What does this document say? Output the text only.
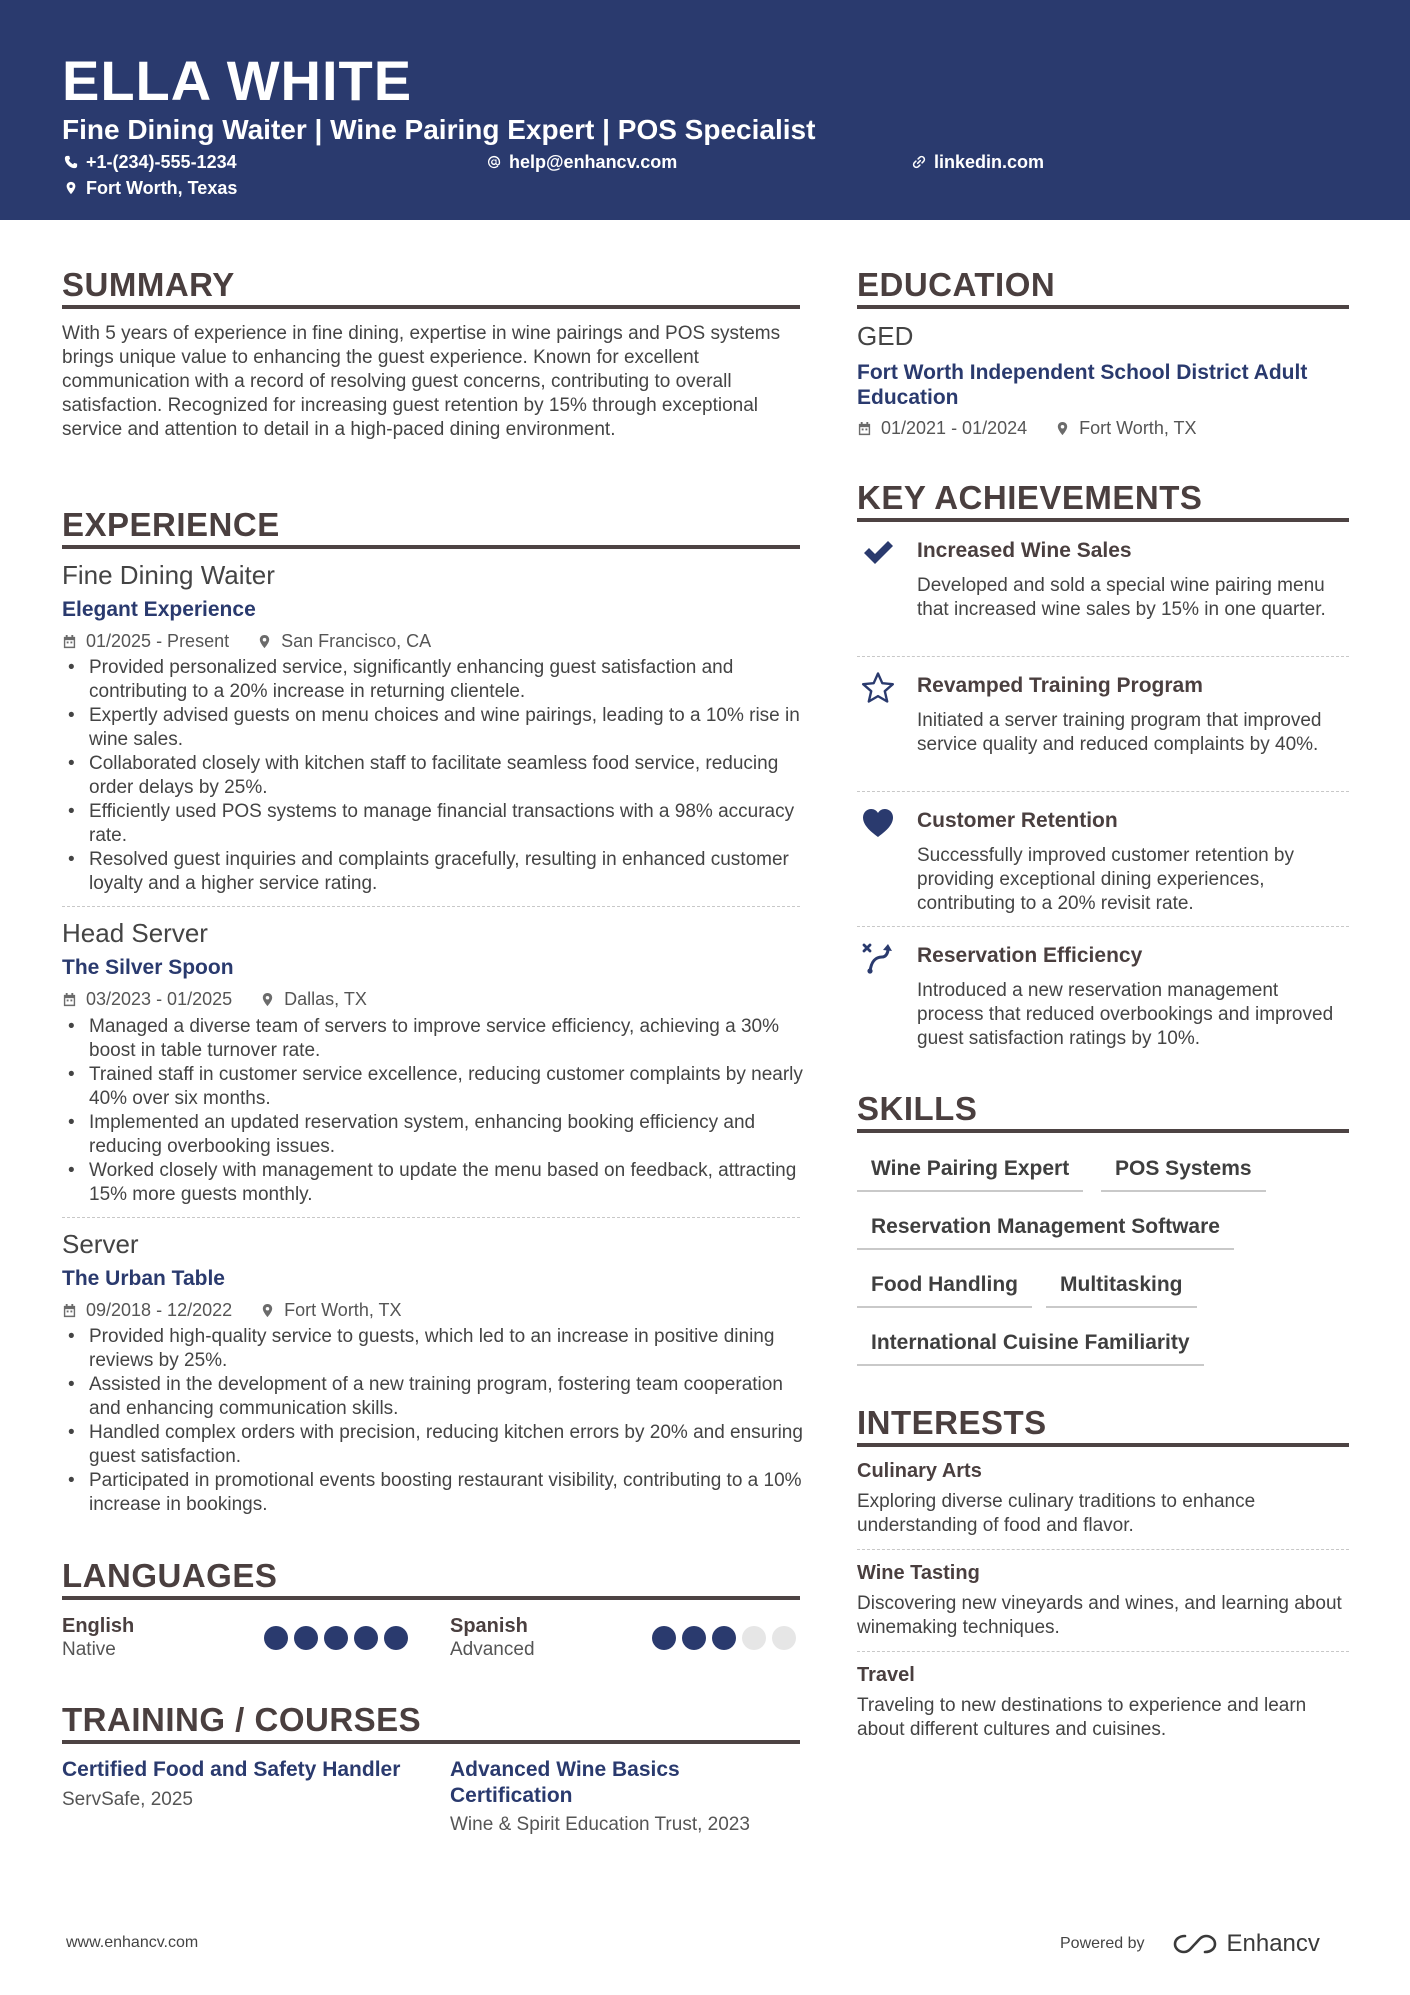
ELLA WHITE
Fine Dining Waiter | Wine Pairing Expert | POS Specialist
+1-(234)-555-1234	help@enhancv.com	linkedin.com
Fort Worth, Texas
SUMMARY
With 5 years of experience in fine dining, expertise in wine pairings and POS systems brings unique value to enhancing the guest experience. Known for excellent communication with a record of resolving guest concerns, contributing to overall satisfaction. Recognized for increasing guest retention by 15% through exceptional service and attention to detail in a high-paced dining environment.
EXPERIENCE
Fine Dining Waiter
Elegant Experience
01/2025 - Present	San Francisco, CA
• Provided personalized service, significantly enhancing guest satisfaction and contributing to a 20% increase in returning clientele.
• Expertly advised guests on menu choices and wine pairings, leading to a 10% rise in wine sales.
• Collaborated closely with kitchen staff to facilitate seamless food service, reducing order delays by 25%.
• Efficiently used POS systems to manage financial transactions with a 98% accuracy rate.
• Resolved guest inquiries and complaints gracefully, resulting in enhanced customer loyalty and a higher service rating.
Head Server
The Silver Spoon
03/2023 - 01/2025	Dallas, TX
• Managed a diverse team of servers to improve service efficiency, achieving a 30% boost in table turnover rate.
• Trained staff in customer service excellence, reducing customer complaints by nearly 40% over six months.
• Implemented an updated reservation system, enhancing booking efficiency and reducing overbooking issues.
• Worked closely with management to update the menu based on feedback, attracting 15% more guests monthly.
Server
The Urban Table
09/2018 - 12/2022	Fort Worth, TX
• Provided high-quality service to guests, which led to an increase in positive dining reviews by 25%.
• Assisted in the development of a new training program, fostering team cooperation and enhancing communication skills.
• Handled complex orders with precision, reducing kitchen errors by 20% and ensuring guest satisfaction.
• Participated in promotional events boosting restaurant visibility, contributing to a 10% increase in bookings.
LANGUAGES
English
Native
Spanish
Advanced
TRAINING / COURSES
Certified Food and Safety Handler
ServSafe, 2025
Advanced Wine Basics Certification
Wine & Spirit Education Trust, 2023
EDUCATION
GED
Fort Worth Independent School District Adult Education
01/2021 - 01/2024	Fort Worth, TX
KEY ACHIEVEMENTS
Increased Wine Sales
Developed and sold a special wine pairing menu that increased wine sales by 15% in one quarter.
Revamped Training Program
Initiated a server training program that improved service quality and reduced complaints by 40%.
Customer Retention
Successfully improved customer retention by providing exceptional dining experiences, contributing to a 20% revisit rate.
Reservation Efficiency
Introduced a new reservation management process that reduced overbookings and improved guest satisfaction ratings by 10%.
SKILLS
Wine Pairing Expert	POS Systems
Reservation Management Software
Food Handling	Multitasking
International Cuisine Familiarity
INTERESTS
Culinary Arts
Exploring diverse culinary traditions to enhance understanding of food and flavor.
Wine Tasting
Discovering new vineyards and wines, and learning about winemaking techniques.
Travel
Traveling to new destinations to experience and learn about different cultures and cuisines.
www.enhancv.com	Powered by	Enhancv
